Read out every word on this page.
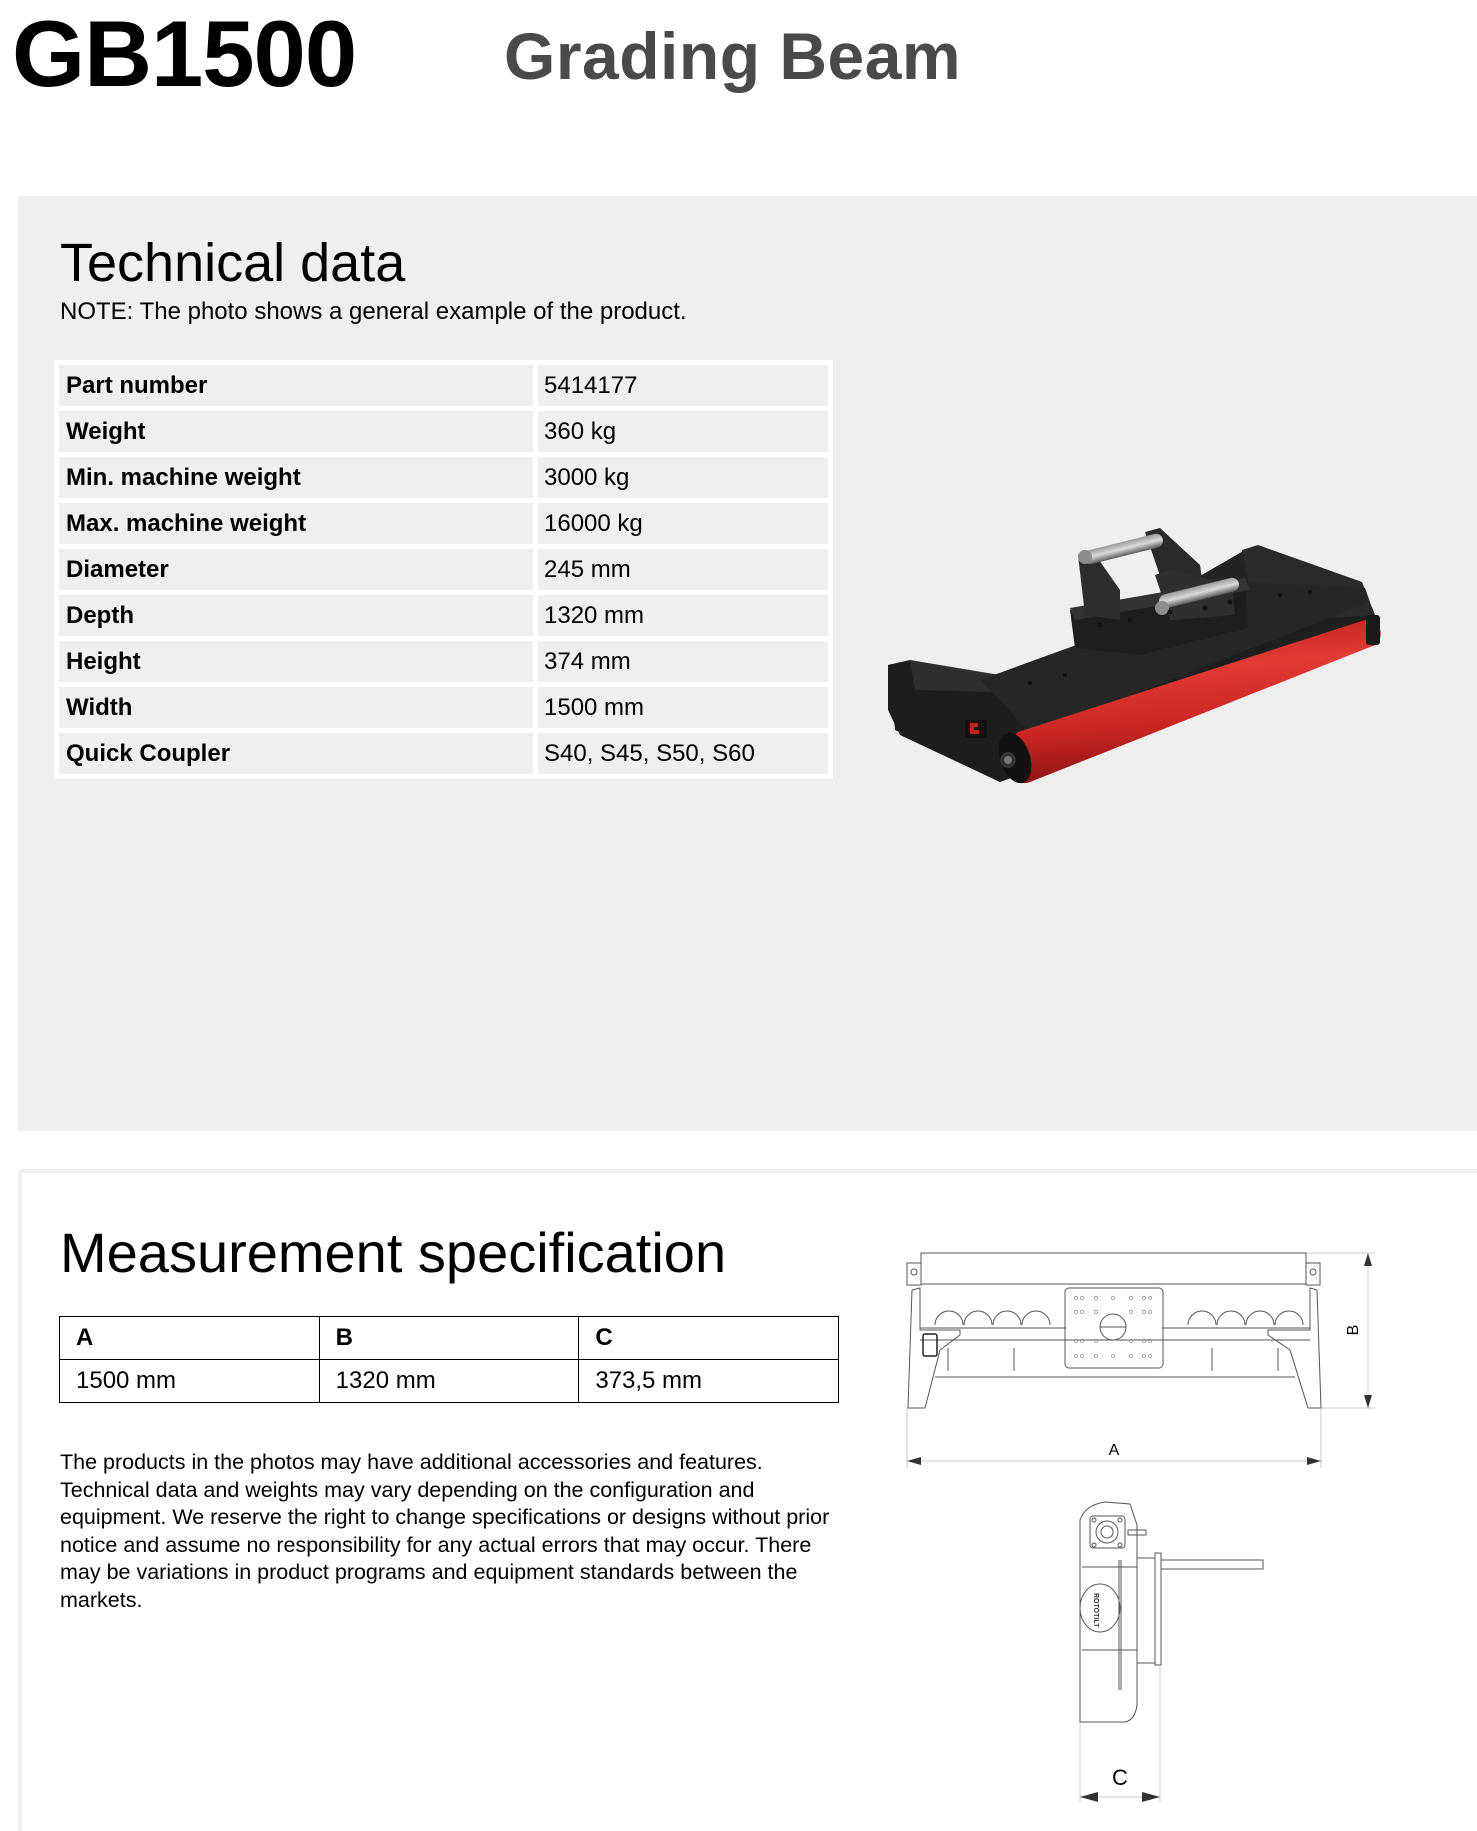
GB1500 Grading Beam
Technical data

NOTE: The photo shows a general example of the product.

Part number	5414177
Weight	360 kg
Min. machine weight	3000 kg
Max. machine weight	16000 kg
Diameter	245 mm
Depth	1320 mm
Height	374 mm
Width	1500 mm
Quick Coupler	S40, S45, S50, S60
Measurement specification
A	B	C
1500 mm	1320 mm	373,5 mm

The products in the photos may have additional accessories and features. Technical data and weights may vary depending on the configuration and equipment. We reserve the right to change specifications or designs without prior notice and assume no responsibility for any actual errors that may occur. There may be variations in product programs and equipment standards between the markets.

A
B
ROTOTILT
C
